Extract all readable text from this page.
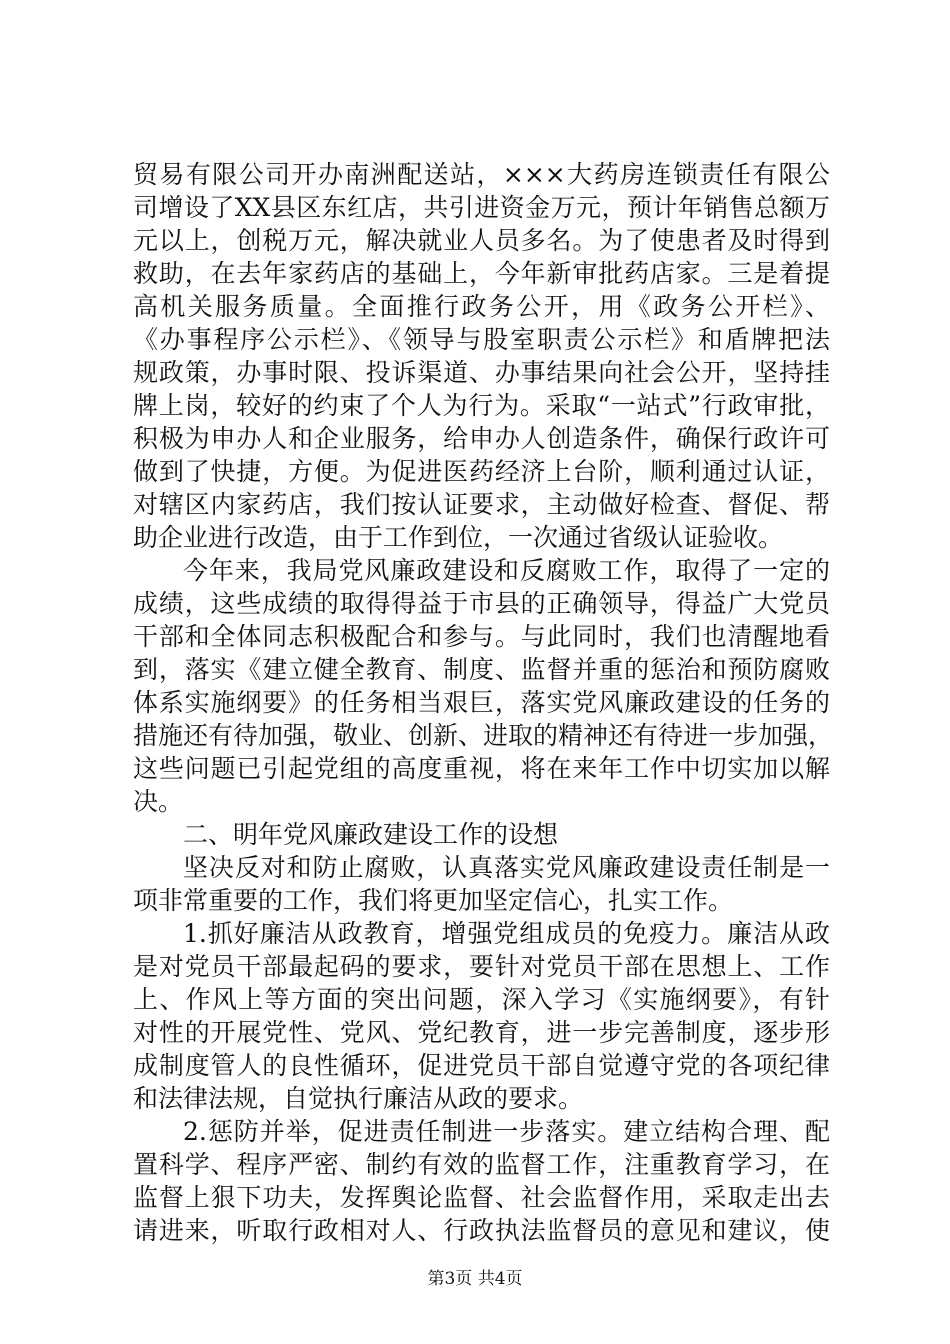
贸易有限公司开办南洲配送站，×××大药房连锁责任有限公
司增设了XX县区东红店，共引进资金万元，预计年销售总额万
元以上，创税万元，解决就业人员多名。为了使患者及时得到
救助，在去年家药店的基础上，今年新审批药店家。三是着提
高机关服务质量。全面推行政务公开，用《政务公开栏》、
《办事程序公示栏》、《领导与股室职责公示栏》和盾牌把法
规政策，办事时限、投诉渠道、办事结果向社会公开，坚持挂
牌上岗，较好的约束了个人为行为。采取“一站式”行政审批，
积极为申办人和企业服务，给申办人创造条件，确保行政许可
做到了快捷，方便。为促进医药经济上台阶，顺利通过认证，
对辖区内家药店，我们按认证要求，主动做好检查、督促、帮
助企业进行改造，由于工作到位，一次通过省级认证验收。
今年来，我局党风廉政建设和反腐败工作，取得了一定的
成绩，这些成绩的取得得益于市县的正确领导，得益广大党员
干部和全体同志积极配合和参与。与此同时，我们也清醒地看
到，落实《建立健全教育、制度、监督并重的惩治和预防腐败
体系实施纲要》的任务相当艰巨，落实党风廉政建设的任务的
措施还有待加强，敬业、创新、进取的精神还有待进一步加强，
这些问题已引起党组的高度重视，将在来年工作中切实加以解
决。
二、明年党风廉政建设工作的设想
坚决反对和防止腐败，认真落实党风廉政建设责任制是一
项非常重要的工作，我们将更加坚定信心，扎实工作。
1.抓好廉洁从政教育，增强党组成员的免疫力。廉洁从政
是对党员干部最起码的要求，要针对党员干部在思想上、工作
上、作风上等方面的突出问题，深入学习《实施纲要》，有针
对性的开展党性、党风、党纪教育，进一步完善制度，逐步形
成制度管人的良性循环，促进党员干部自觉遵守党的各项纪律
和法律法规，自觉执行廉洁从政的要求。
2.惩防并举，促进责任制进一步落实。建立结构合理、配
置科学、程序严密、制约有效的监督工作，注重教育学习，在
监督上狠下功夫，发挥舆论监督、社会监督作用，采取走出去
请进来，听取行政相对人、行政执法监督员的意见和建议，使
第3页 共4页
